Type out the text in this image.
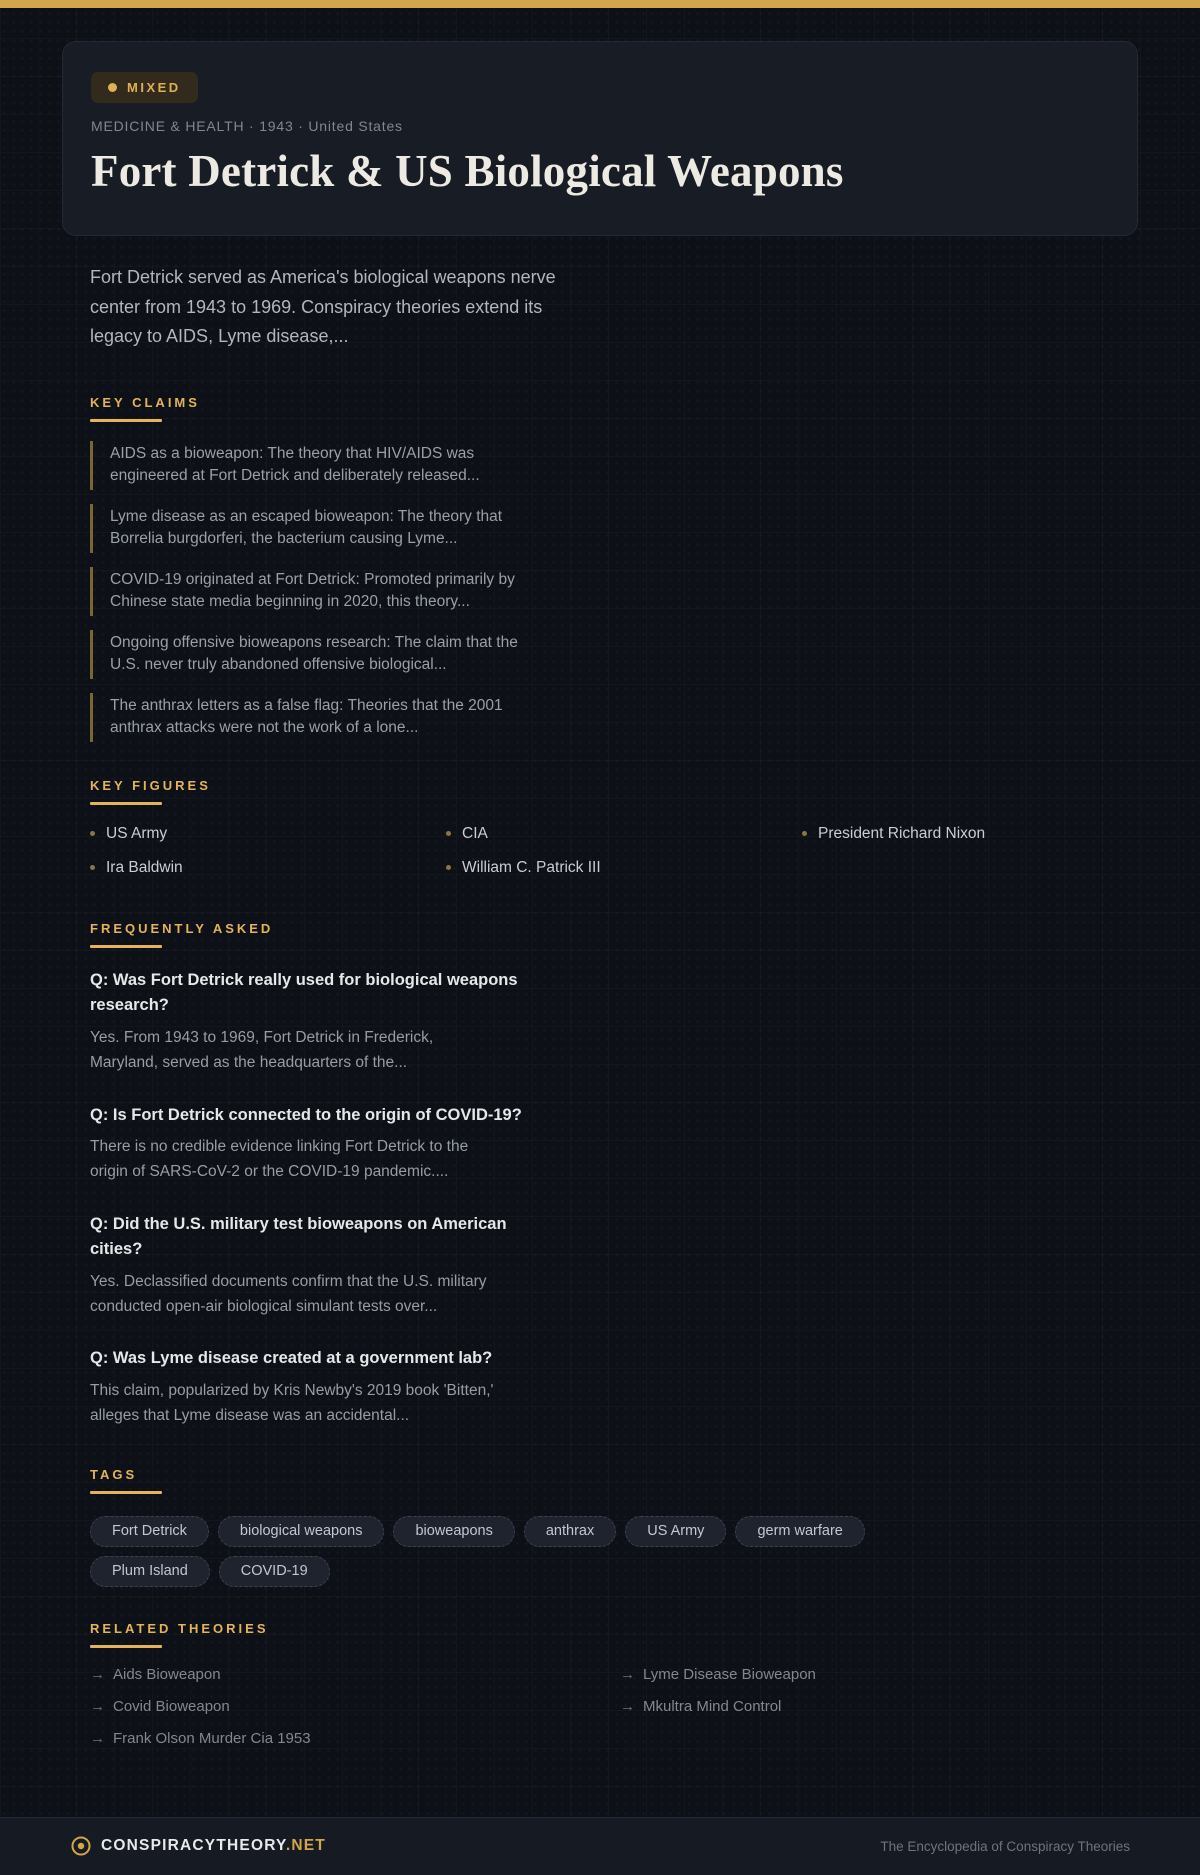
MIXED
MEDICINE & HEALTH · 1943 · United States
Fort Detrick & US Biological Weapons

Fort Detrick served as America's biological weapons nerve center from 1943 to 1969. Conspiracy theories extend its legacy to AIDS, Lyme disease,...

KEY CLAIMS
AIDS as a bioweapon: The theory that HIV/AIDS was engineered at Fort Detrick and deliberately released...
Lyme disease as an escaped bioweapon: The theory that Borrelia burgdorferi, the bacterium causing Lyme...
COVID-19 originated at Fort Detrick: Promoted primarily by Chinese state media beginning in 2020, this theory...
Ongoing offensive bioweapons research: The claim that the U.S. never truly abandoned offensive biological...
The anthrax letters as a false flag: Theories that the 2001 anthrax attacks were not the work of a lone...
KEY FIGURES
US Army	CIA	President Richard Nixon
Ira Baldwin	William C. Patrick III
FREQUENTLY ASKED
Q: Was Fort Detrick really used for biological weapons research?
Yes. From 1943 to 1969, Fort Detrick in Frederick, Maryland, served as the headquarters of the...
Q: Is Fort Detrick connected to the origin of COVID-19?
There is no credible evidence linking Fort Detrick to the origin of SARS-CoV-2 or the COVID-19 pandemic....
Q: Did the U.S. military test bioweapons on American cities?
Yes. Declassified documents confirm that the U.S. military conducted open-air biological simulant tests over...
Q: Was Lyme disease created at a government lab?
This claim, popularized by Kris Newby's 2019 book 'Bitten,' alleges that Lyme disease was an accidental...
TAGS
Fort Detrick	biological weapons	bioweapons	anthrax	US Army	germ warfare
Plum Island	COVID-19
RELATED THEORIES
→ Aids Bioweapon	→ Lyme Disease Bioweapon
→ Covid Bioweapon	→ Mkultra Mind Control
→ Frank Olson Murder Cia 1953
CONSPIRACYTHEORY.NET	The Encyclopedia of Conspiracy Theories
